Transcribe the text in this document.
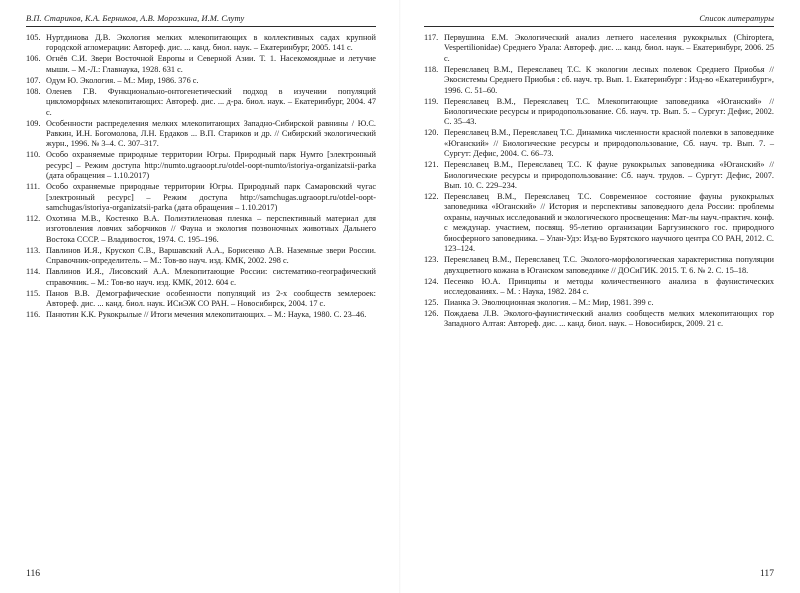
В.П. Стариков, К.А. Берников, А.В. Морозкина, И.М. Слуту
105. Нуртдинова Д.В. Экология мелких млекопитающих в коллективных садах крупной городской агломерации: Автореф. дис. ... канд. биол. наук. – Екатеринбург, 2005. 141 с.
106. Огнёв С.И. Звери Восточной Европы и Северной Азии. Т. 1. Насекомоядные и летучие мыши. – М.-Л.: Главнаука, 1928. 631 с.
107. Одум Ю. Экология. – М.: Мир, 1986. 376 с.
108. Оленев Г.В. Функционально-онтогенетический подход в изучении популяций цикломорфных млекопитающих: Автореф. дис. ... д-ра. биол. наук. – Екатеринбург, 2004. 47 с.
109. Особенности распределения мелких млекопитающих Западно-Сибирской равнины / Ю.С. Равкин, И.Н. Богомолова, Л.Н. Ердаков ... В.П. Стариков и др. // Сибирский экологический журн., 1996. № 3–4. С. 307–317.
110. Особо охраняемые природные территории Югры. Природный парк Нумто [электронный ресурс] – Режим доступа http://numto.ugraoopt.ru/otdel-oopt-numto/istoriya-organizatsii-parka (дата обращения – 1.10.2017)
111. Особо охраняемые природные территории Югры. Природный парк Самаровский чугас [электронный ресурс] – Режим доступа http://samchugas.ugraoopt.ru/otdel-oopt-samchugas/istoriya-organizatsii-parka (дата обращения – 1.10.2017)
112. Охотина М.В., Костенко В.А. Полиэтиленовая пленка – перспективный материал для изготовления ловчих заборчиков // Фауна и экология позвоночных животных Дальнего Востока СССР. – Владивосток, 1974. С. 195–196.
113. Павлинов И.Я., Крускоп С.В., Варшавский А.А., Борисенко А.В. Наземные звери России. Справочник-определитель. – М.: Тов-во науч. изд. КМК, 2002. 298 с.
114. Павлинов И.Я., Лисовский А.А. Млекопитающие России: систематико-географический справочник. – М.: Тов-во науч. изд. КМК, 2012. 604 с.
115. Панов В.В. Демографические особенности популяций из 2-х сообществ землероек: Автореф. дис. ... канд. биол. наук. ИСиЭЖ СО РАН. – Новосибирск, 2004. 17 с.
116. Панютин К.К. Рукокрылые // Итоги мечения млекопитающих. – М.: Наука, 1980. С. 23–46.
116
Список литературы
117. Первушина Е.М. Экологический анализ летнего населения рукокрылых (Chiroptera, Vespertilionidae) Среднего Урала: Автореф. дис. ... канд. биол. наук. – Екатеринбург, 2006. 25 с.
118. Переяславец В.М., Переяславец Т.С. К экологии лесных полевок Среднего Приобья // Экосистемы Среднего Приобья : сб. науч. тр. Вып. 1. Екатеринбург : Изд-во «Екатеринбург», 1996. С. 51–60.
119. Переяславец В.М., Переяславец Т.С. Млекопитающие заповедника «Юганский» // Биологические ресурсы и природопользование. Сб. науч. тр. Вып. 5. – Сургут: Дефис, 2002. С. 35–43.
120. Переяславец В.М., Переяславец Т.С. Динамика численности красной полевки в заповеднике «Юганский» // Биологические ресурсы и природопользование, Сб. науч. тр. Вып. 7. – Сургут: Дефис, 2004. С. 66–73.
121. Переяславец В.М., Переяславец Т.С. К фауне рукокрылых заповедника «Юганский» // Биологические ресурсы и природопользование: Сб. науч. трудов. – Сургут: Дефис, 2007. Вып. 10. С. 229–234.
122. Переяславец В.М., Переяславец Т.С. Современное состояние фауны рукокрылых заповедника «Юганский» // История и перспективы заповедного дела России: проблемы охраны, научных исследований и экологического просвещения: Мат-лы науч.-практич. конф. с междунар. участием, посвящ. 95-летию организации Баргузинского гос. природного биосферного заповедника. – Улан-Удэ: Изд-во Бурятского научного центра СО РАН, 2012. С. 123–124.
123. Переяславец В.М., Переяславец Т.С. Эколого-морфологическая характеристика популяции двухцветного кожана в Юганском заповеднике // ДОСиГИК. 2015. Т. 6. № 2. С. 15–18.
124. Песенко Ю.А. Принципы и методы количественного анализа в фаунистических исследованиях. – М. : Наука, 1982. 284 с.
125. Пианка Э. Эволюционная экология. – М.: Мир, 1981. 399 с.
126. Пождаева Л.В. Эколого-фаунистический анализ сообществ мелких млекопитающих гор Западного Алтая: Автореф. дис. ... канд. биол. наук. – Новосибирск, 2009. 21 с.
117
